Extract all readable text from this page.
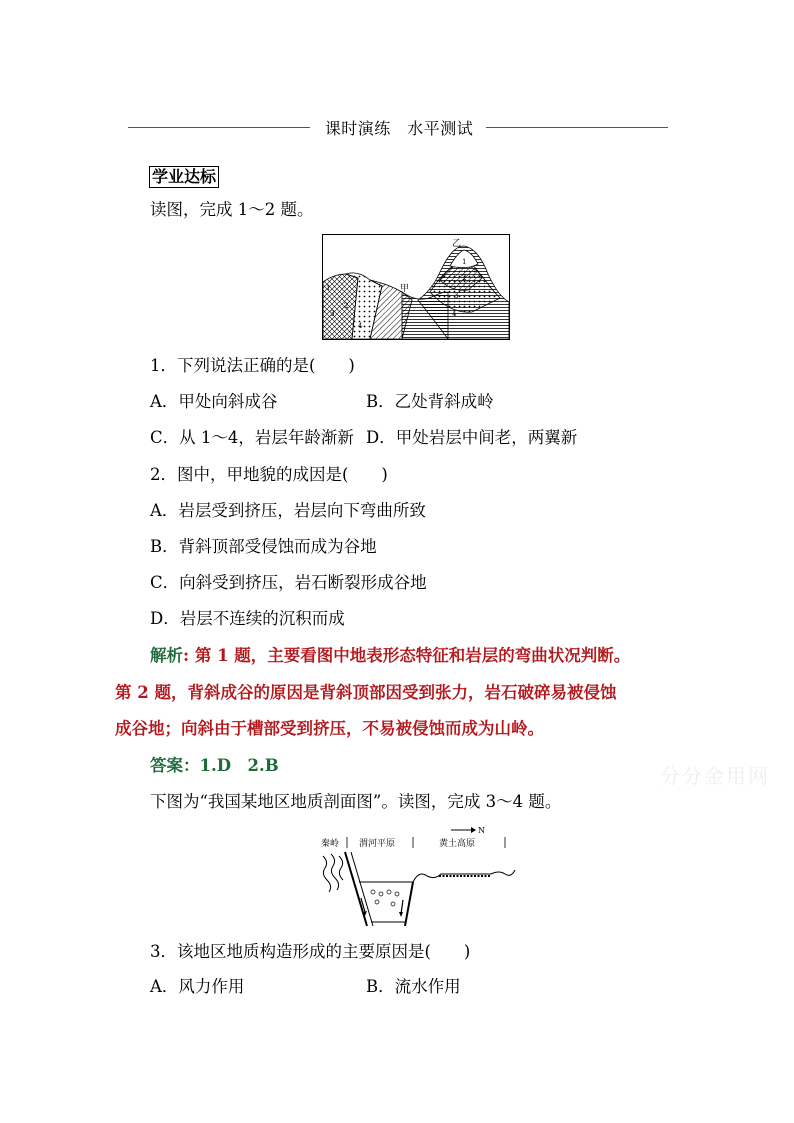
课时演练　水平测试
学业达标
读图，完成 1～2 题。
甲
乙
1
3
4
2
1
2
3
4
1．下列说法正确的是(　　)
A．甲处向斜成谷	B．乙处背斜成岭
C．从 1～4，岩层年龄渐新 D．甲处岩层中间老，两翼新
2．图中，甲地貌的成因是(　　)
A．岩层受到挤压，岩层向下弯曲所致
B．背斜顶部受侵蚀而成为谷地
C．向斜受到挤压，岩石断裂形成谷地
D．岩层不连续的沉积而成
解析: 第 1 题，主要看图中地表形态特征和岩层的弯曲状况判断。
第 2 题，背斜成谷的原因是背斜顶部因受到张力，岩石破碎易被侵蚀
成谷地；向斜由于槽部受到挤压，不易被侵蚀而成为山岭。
答案：1.D　2.B	分分金用网
下图为“我国某地区地质剖面图”。读图，完成 3～4 题。
N
秦岭 渭河平原	黄土高原
3．该地区地质构造形成的主要原因是(　　)
A．风力作用	B．流水作用
